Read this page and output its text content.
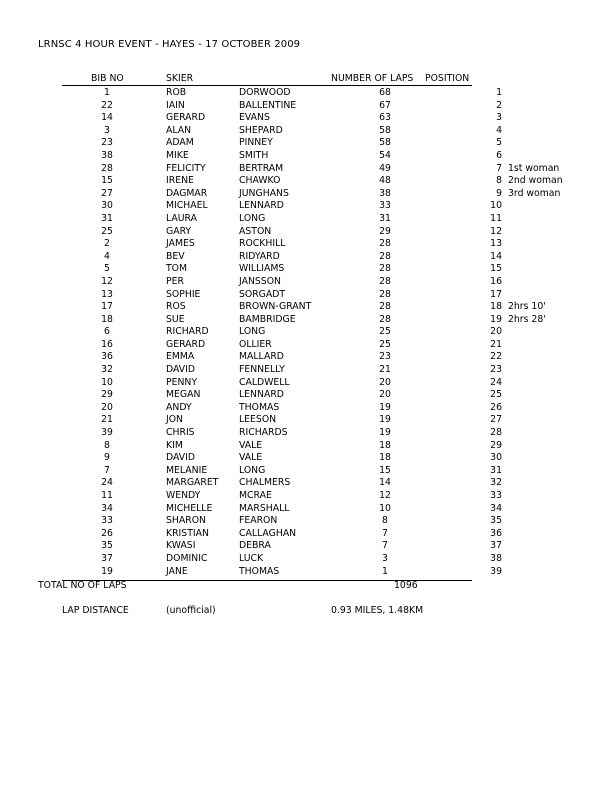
LRNSC 4 HOUR EVENT - HAYES - 17 OCTOBER 2009
BIB NO	SKIER	NUMBER OF LAPS POSITION
1	ROB	DORWOOD	68	1
22	IAIN	BALLENTINE	67	2
14	GERARD	EVANS	63	3
3	ALAN	SHEPARD	58	4
23	ADAM	PINNEY	58	5
38	MIKE	SMITH	54	6
28	FELICITY	BERTRAM	49	7 1st woman
15	IRENE	CHAWKO	48	8 2nd woman
27	DAGMAR	JUNGHANS	38	9 3rd woman
30	MICHAEL	LENNARD	33	10
31	LAURA	LONG	31	11
25	GARY	ASTON	29	12
2	JAMES	ROCKHILL	28	13
4	BEV	RIDYARD	28	14
5	TOM	WILLIAMS	28	15
12	PER	JANSSON	28	16
13	SOPHIE	SORGADT	28	17
17	ROS	BROWN-GRANT	28	18 2hrs 10'
18	SUE	BAMBRIDGE	28	19 2hrs 28'
6	RICHARD	LONG	25	20
16	GERARD	OLLIER	25	21
36	EMMA	MALLARD	23	22
32	DAVID	FENNELLY	21	23
10	PENNY	CALDWELL	20	24
29	MEGAN	LENNARD	20	25
20	ANDY	THOMAS	19	26
21	JON	LEESON	19	27
39	CHRIS	RICHARDS	19	28
8	KIM	VALE	18	29
9	DAVID	VALE	18	30
7	MELANIE	LONG	15	31
24	MARGARET CHALMERS	14	32
11	WENDY	MCRAE	12	33
34	MICHELLE	MARSHALL	10	34
33	SHARON	FEARON	8	35
26	KRISTIAN	CALLAGHAN	7	36
35	KWASI	DEBRA	7	37
37	DOMINIC	LUCK	3	38
19	JANE	THOMAS	1	39
TOTAL NO OF LAPS	1096
LAP DISTANCE	(unofficial)	0.93 MILES, 1.48KM
